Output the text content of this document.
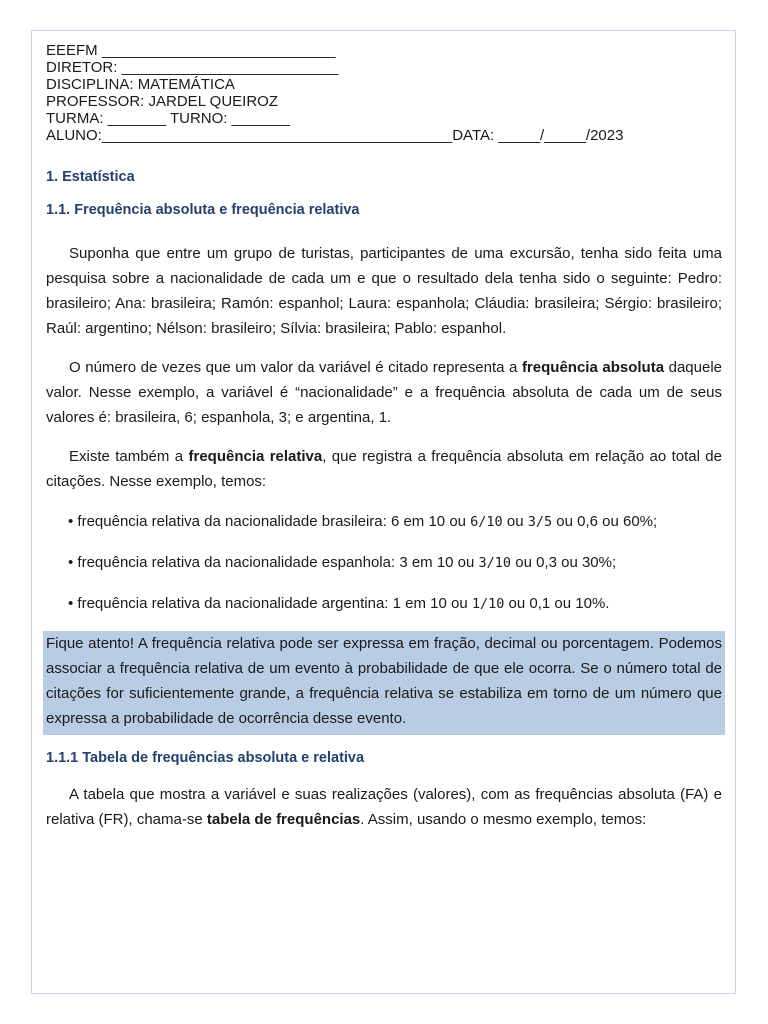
EEEFM ____________________________

DIRETOR: __________________________

DISCIPLINA: MATEMÁTICA

PROFESSOR: JARDEL QUEIROZ

TURMA: _______ TURNO: _______

ALUNO:__________________________________________DATA: _____/_____/2023

1. Estatística
1.1. Frequência absoluta e frequência relativa

Suponha que entre um grupo de turistas, participantes de uma excursão, tenha sido feita uma pesquisa sobre a nacionalidade de cada um e que o resultado dela tenha sido o seguinte: Pedro: brasileiro; Ana: brasileira; Ramón: espanhol; Laura: espanhola; Cláudia: brasileira; Sérgio: brasileiro; Raúl: argentino; Nélson: brasileiro; Sílvia: brasileira; Pablo: espanhol.

O número de vezes que um valor da variável é citado representa a frequência absoluta daquele valor. Nesse exemplo, a variável é “nacionalidade” e a frequência absoluta de cada um de seus valores é: brasileira, 6; espanhola, 3; e argentina, 1.

Existe também a frequência relativa, que registra a frequência absoluta em relação ao total de citações. Nesse exemplo, temos:

• frequência relativa da nacionalidade brasileira: 6 em 10 ou 6/10 ou 3/5 ou 0,6 ou 60%;

• frequência relativa da nacionalidade espanhola: 3 em 10 ou 3/10 ou 0,3 ou 30%;

• frequência relativa da nacionalidade argentina: 1 em 10 ou 1/10 ou 0,1 ou 10%.

Fique atento! A frequência relativa pode ser expressa em fração, decimal ou porcentagem. Podemos associar a frequência relativa de um evento à probabilidade de que ele ocorra. Se o número total de citações for suficientemente grande, a frequência relativa se estabiliza em torno de um número que expressa a probabilidade de ocorrência desse evento.
1.1.1 Tabela de frequências absoluta e relativa

A tabela que mostra a variável e suas realizações (valores), com as frequências absoluta (FA) e relativa (FR), chama-se tabela de frequências. Assim, usando o mesmo exemplo, temos:
